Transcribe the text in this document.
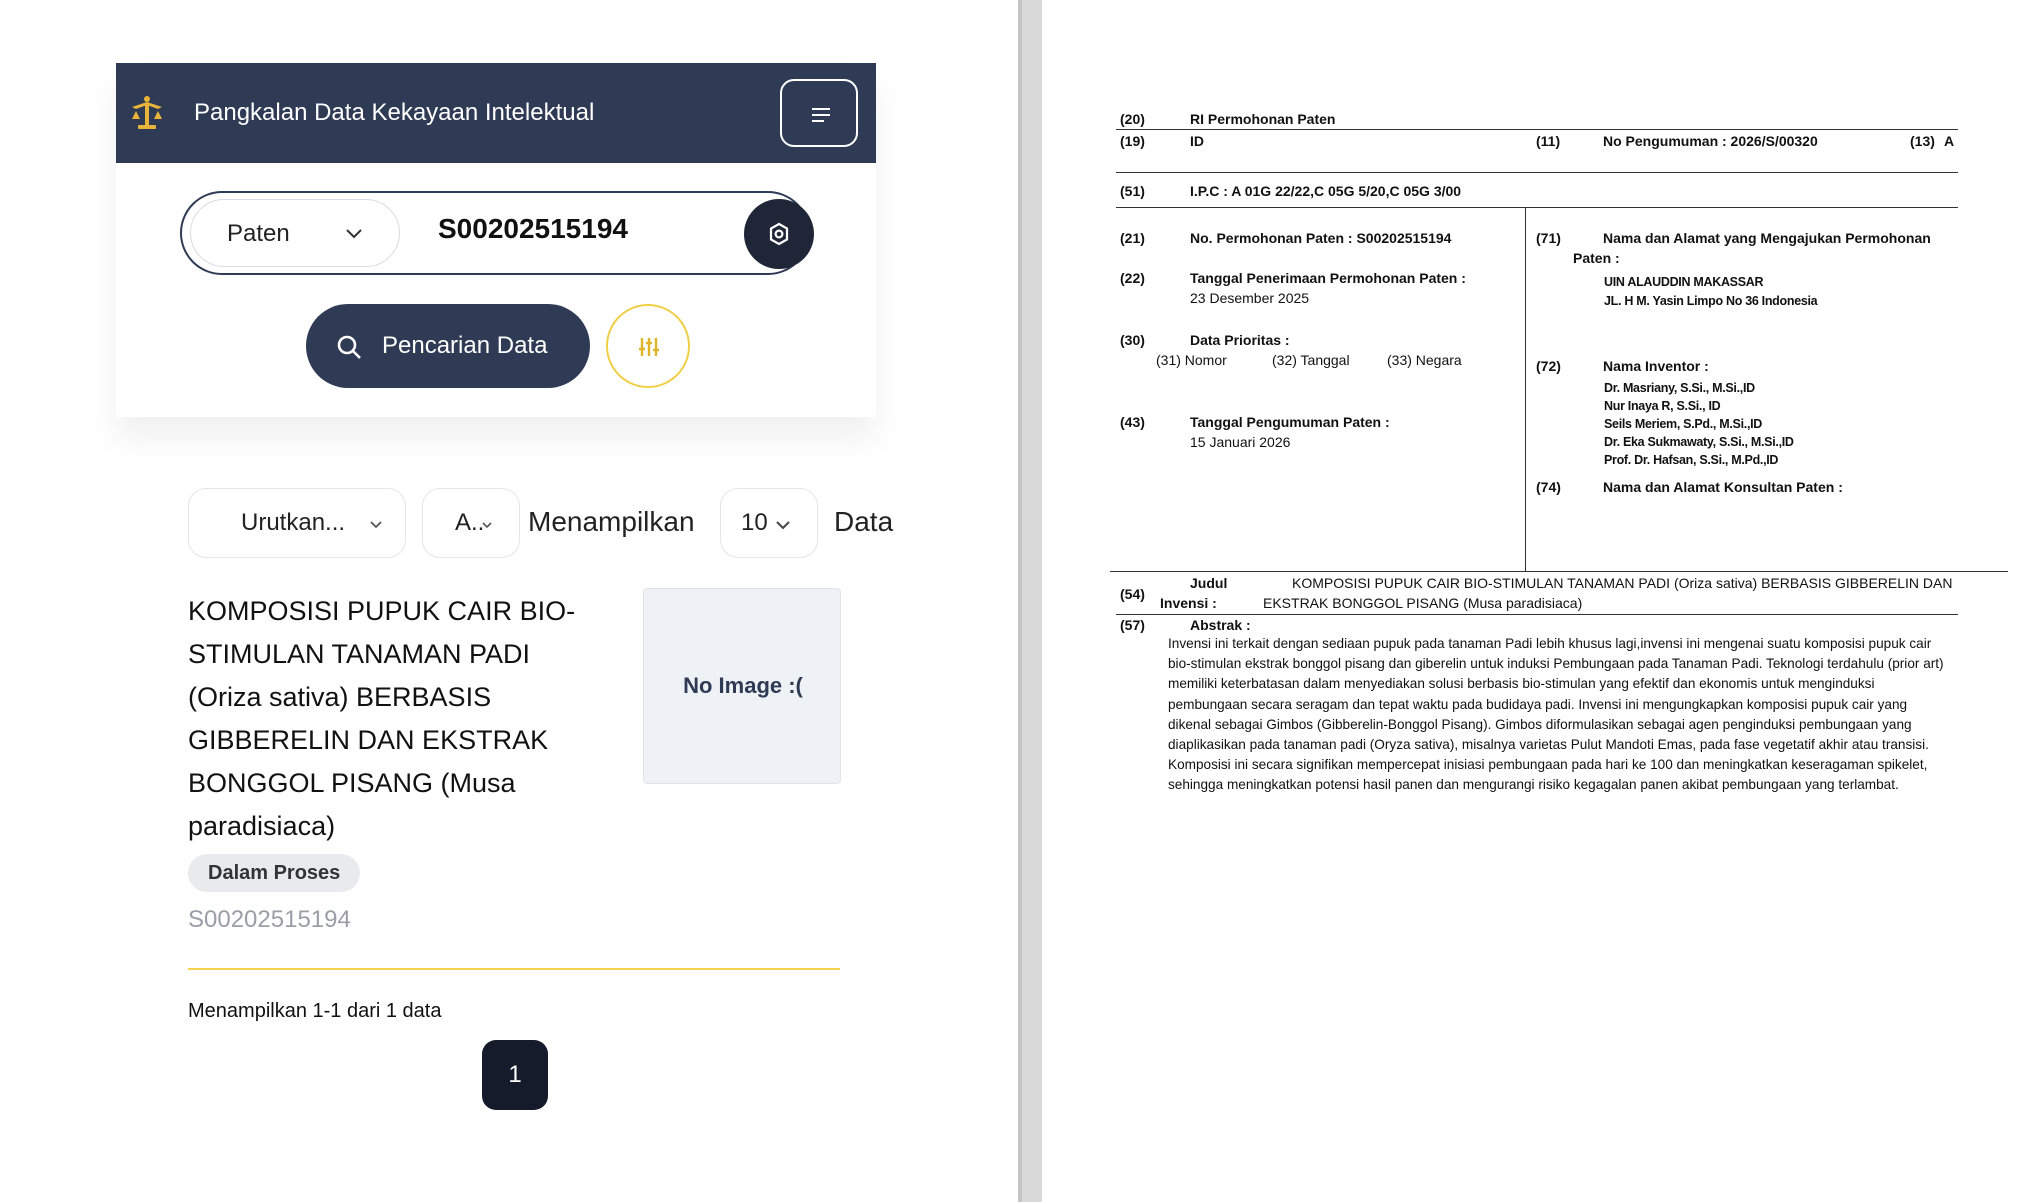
Pangkalan Data Kekayaan Intelektual
Paten
S00202515194
Pencarian Data
Urutkan...	A.. Menampilkan 10 Data
KOMPOSISI PUPUK CAIR BIO-STIMULAN TANAMAN PADI (Oriza sativa) BERBASIS GIBBERELIN DAN EKSTRAK BONGGOL PISANG (Musa paradisiaca)
No Image :(
Dalam Proses
S00202515194
Menampilkan 1-1 dari 1 data
1
(20)	RI Permohonan Paten
(19)	ID	(11)	No Pengumuman : 2026/S/00320	(13) A
(51)	I.P.C : A 01G 22/22,C 05G 5/20,C 05G 3/00
(21)	No. Permohonan Paten : S00202515194
(22)	Tanggal Penerimaan Permohonan Paten :
23 Desember 2025
(30)	Data Prioritas :
(31) Nomor	(32) Tanggal	(33) Negara
(43)	Tanggal Pengumuman Paten :
15 Januari 2026
(71)	Nama dan Alamat yang Mengajukan Permohonan
Paten :
UIN ALAUDDIN MAKASSAR
JL. H M. Yasin Limpo No 36 Indonesia
(72)	Nama Inventor :
Dr. Masriany, S.Si., M.Si.,ID
Nur Inaya R, S.Si., ID
Seils Meriem, S.Pd., M.Si.,ID
Dr. Eka Sukmawaty, S.Si., M.Si.,ID
Prof. Dr. Hafsan, S.Si., M.Pd.,ID
(74)	Nama dan Alamat Konsultan Paten :
Judul
(54)
Invensi :
KOMPOSISI PUPUK CAIR BIO-STIMULAN TANAMAN PADI (Oriza sativa) BERBASIS GIBBERELIN DAN
EKSTRAK BONGGOL PISANG (Musa paradisiaca)
(57)	Abstrak :
Invensi ini terkait dengan sediaan pupuk pada tanaman Padi lebih khusus lagi,invensi ini mengenai suatu komposisi pupuk cair
bio-stimulan ekstrak bonggol pisang dan giberelin untuk induksi Pembungaan pada Tanaman Padi. Teknologi terdahulu (prior art)
memiliki keterbatasan dalam menyediakan solusi berbasis bio-stimulan yang efektif dan ekonomis untuk menginduksi
pembungaan secara seragam dan tepat waktu pada budidaya padi. Invensi ini mengungkapkan komposisi pupuk cair yang
dikenal sebagai Gimbos (Gibberelin-Bonggol Pisang). Gimbos diformulasikan sebagai agen penginduksi pembungaan yang
diaplikasikan pada tanaman padi (Oryza sativa), misalnya varietas Pulut Mandoti Emas, pada fase vegetatif akhir atau transisi.
Komposisi ini secara signifikan mempercepat inisiasi pembungaan pada hari ke 100 dan meningkatkan keseragaman spikelet,
sehingga meningkatkan potensi hasil panen dan mengurangi risiko kegagalan panen akibat pembungaan yang terlambat.
